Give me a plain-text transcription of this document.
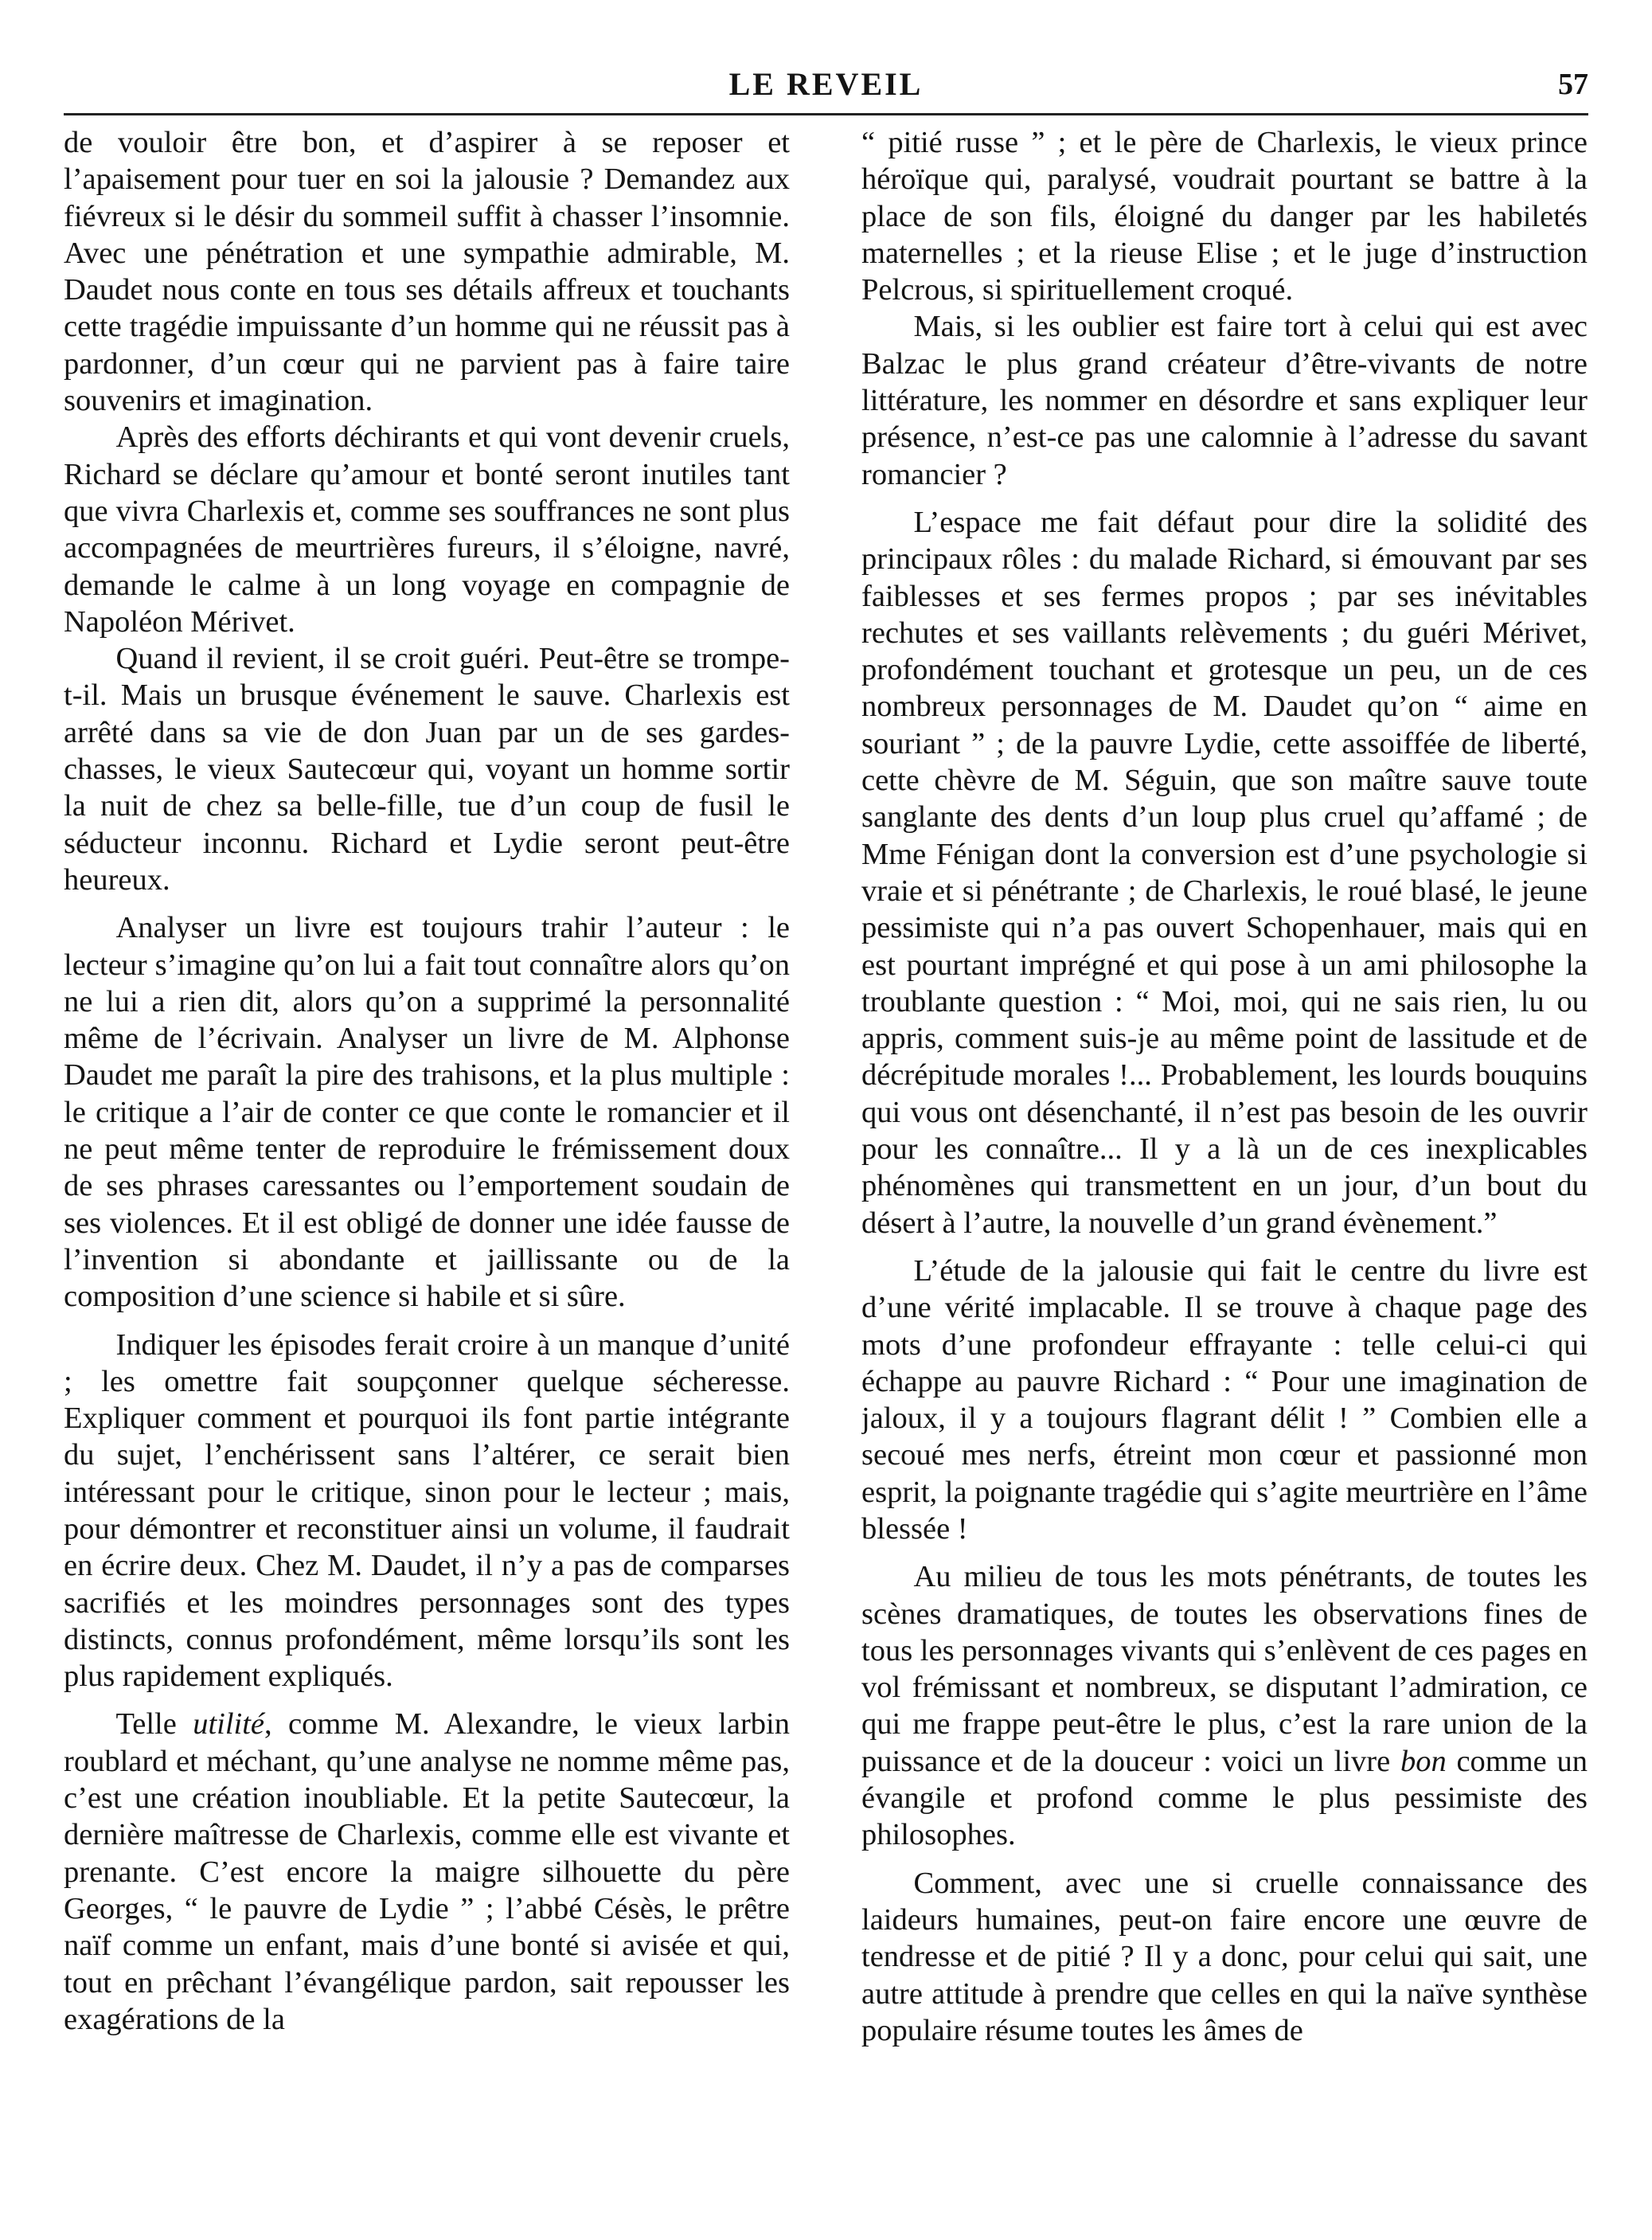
LE REVEIL	57

de vouloir être bon, et d’aspirer à se reposer et l’apaisement pour tuer en soi la jalousie ? Demandez aux fiévreux si le désir du sommeil suffit à chasser l’insomnie. Avec une pénétration et une sympathie admirable, M. Daudet nous conte en tous ses détails affreux et touchants cette tragédie impuissante d’un homme qui ne réussit pas à pardonner, d’un cœur qui ne parvient pas à faire taire souvenirs et imagination.

Après des efforts déchirants et qui vont devenir cruels, Richard se déclare qu’amour et bonté seront inutiles tant que vivra Charlexis et, comme ses souffrances ne sont plus accompagnées de meurtrières fureurs, il s’éloigne, navré, demande le calme à un long voyage en compagnie de Napoléon Mérivet.

Quand il revient, il se croit guéri. Peut-être se trompe-t-il. Mais un brusque événement le sauve. Charlexis est arrêté dans sa vie de don Juan par un de ses gardes-chasses, le vieux Sautecœur qui, voyant un homme sortir la nuit de chez sa belle-fille, tue d’un coup de fusil le séducteur inconnu. Richard et Lydie seront peut-être heureux.

Analyser un livre est toujours trahir l’auteur : le lecteur s’imagine qu’on lui a fait tout connaître alors qu’on ne lui a rien dit, alors qu’on a supprimé la personnalité même de l’écrivain. Analyser un livre de M. Alphonse Daudet me paraît la pire des trahisons, et la plus multiple : le critique a l’air de conter ce que conte le romancier et il ne peut même tenter de reproduire le frémissement doux de ses phrases caressantes ou l’emportement soudain de ses violences. Et il est obligé de donner une idée fausse de l’invention si abondante et jaillissante ou de la composition d’une science si habile et si sûre.

Indiquer les épisodes ferait croire à un manque d’unité ; les omettre fait soupçonner quelque sécheresse. Expliquer comment et pourquoi ils font partie intégrante du sujet, l’enchérissent sans l’altérer, ce serait bien intéressant pour le critique, sinon pour le lecteur ; mais, pour démontrer et reconstituer ainsi un volume, il faudrait en écrire deux. Chez M. Daudet, il n’y a pas de comparses sacrifiés et les moindres personnages sont des types distincts, connus profondément, même lorsqu’ils sont les plus rapidement expliqués.

Telle utilité, comme M. Alexandre, le vieux larbin roublard et méchant, qu’une analyse ne nomme même pas, c’est une création inoubliable. Et la petite Sautecœur, la dernière maîtresse de Charlexis, comme elle est vivante et prenante. C’est encore la maigre silhouette du père Georges, “ le pauvre de Lydie ” ; l’abbé Césès, le prêtre naïf comme un enfant, mais d’une bonté si avisée et qui, tout en prêchant l’évangélique pardon, sait repousser les exagérations de la

“ pitié russe ” ; et le père de Charlexis, le vieux prince héroïque qui, paralysé, voudrait pourtant se battre à la place de son fils, éloigné du danger par les habiletés maternelles ; et la rieuse Elise ; et le juge d’instruction Pelcrous, si spirituellement croqué.

Mais, si les oublier est faire tort à celui qui est avec Balzac le plus grand créateur d’être-vivants de notre littérature, les nommer en désordre et sans expliquer leur présence, n’est-ce pas une calomnie à l’adresse du savant romancier ?

L’espace me fait défaut pour dire la solidité des principaux rôles : du malade Richard, si émouvant par ses faiblesses et ses fermes propos ; par ses inévitables rechutes et ses vaillants relèvements ; du guéri Mérivet, profondément touchant et grotesque un peu, un de ces nombreux personnages de M. Daudet qu’on “ aime en souriant ” ; de la pauvre Lydie, cette assoiffée de liberté, cette chèvre de M. Séguin, que son maître sauve toute sanglante des dents d’un loup plus cruel qu’affamé ; de Mme Fénigan dont la conversion est d’une psychologie si vraie et si pénétrante ; de Charlexis, le roué blasé, le jeune pessimiste qui n’a pas ouvert Schopenhauer, mais qui en est pourtant imprégné et qui pose à un ami philosophe la troublante question : “ Moi, moi, qui ne sais rien, lu ou appris, comment suis-je au même point de lassitude et de décrépitude morales !... Probablement, les lourds bouquins qui vous ont désenchanté, il n’est pas besoin de les ouvrir pour les connaître... Il y a là un de ces inexplicables phénomènes qui transmettent en un jour, d’un bout du désert à l’autre, la nouvelle d’un grand évènement.”

L’étude de la jalousie qui fait le centre du livre est d’une vérité implacable. Il se trouve à chaque page des mots d’une profondeur effrayante : telle celui-ci qui échappe au pauvre Richard : “ Pour une imagination de jaloux, il y a toujours flagrant délit ! ” Combien elle a secoué mes nerfs, étreint mon cœur et passionné mon esprit, la poignante tragédie qui s’agite meurtrière en l’âme blessée !

Au milieu de tous les mots pénétrants, de toutes les scènes dramatiques, de toutes les observations fines de tous les personnages vivants qui s’enlèvent de ces pages en vol frémissant et nombreux, se disputant l’admiration, ce qui me frappe peut-être le plus, c’est la rare union de la puissance et de la douceur : voici un livre bon comme un évangile et profond comme le plus pessimiste des philosophes.

Comment, avec une si cruelle connaissance des laideurs humaines, peut-on faire encore une œuvre de tendresse et de pitié ? Il y a donc, pour celui qui sait, une autre attitude à prendre que celles en qui la naïve synthèse populaire résume toutes les âmes de
